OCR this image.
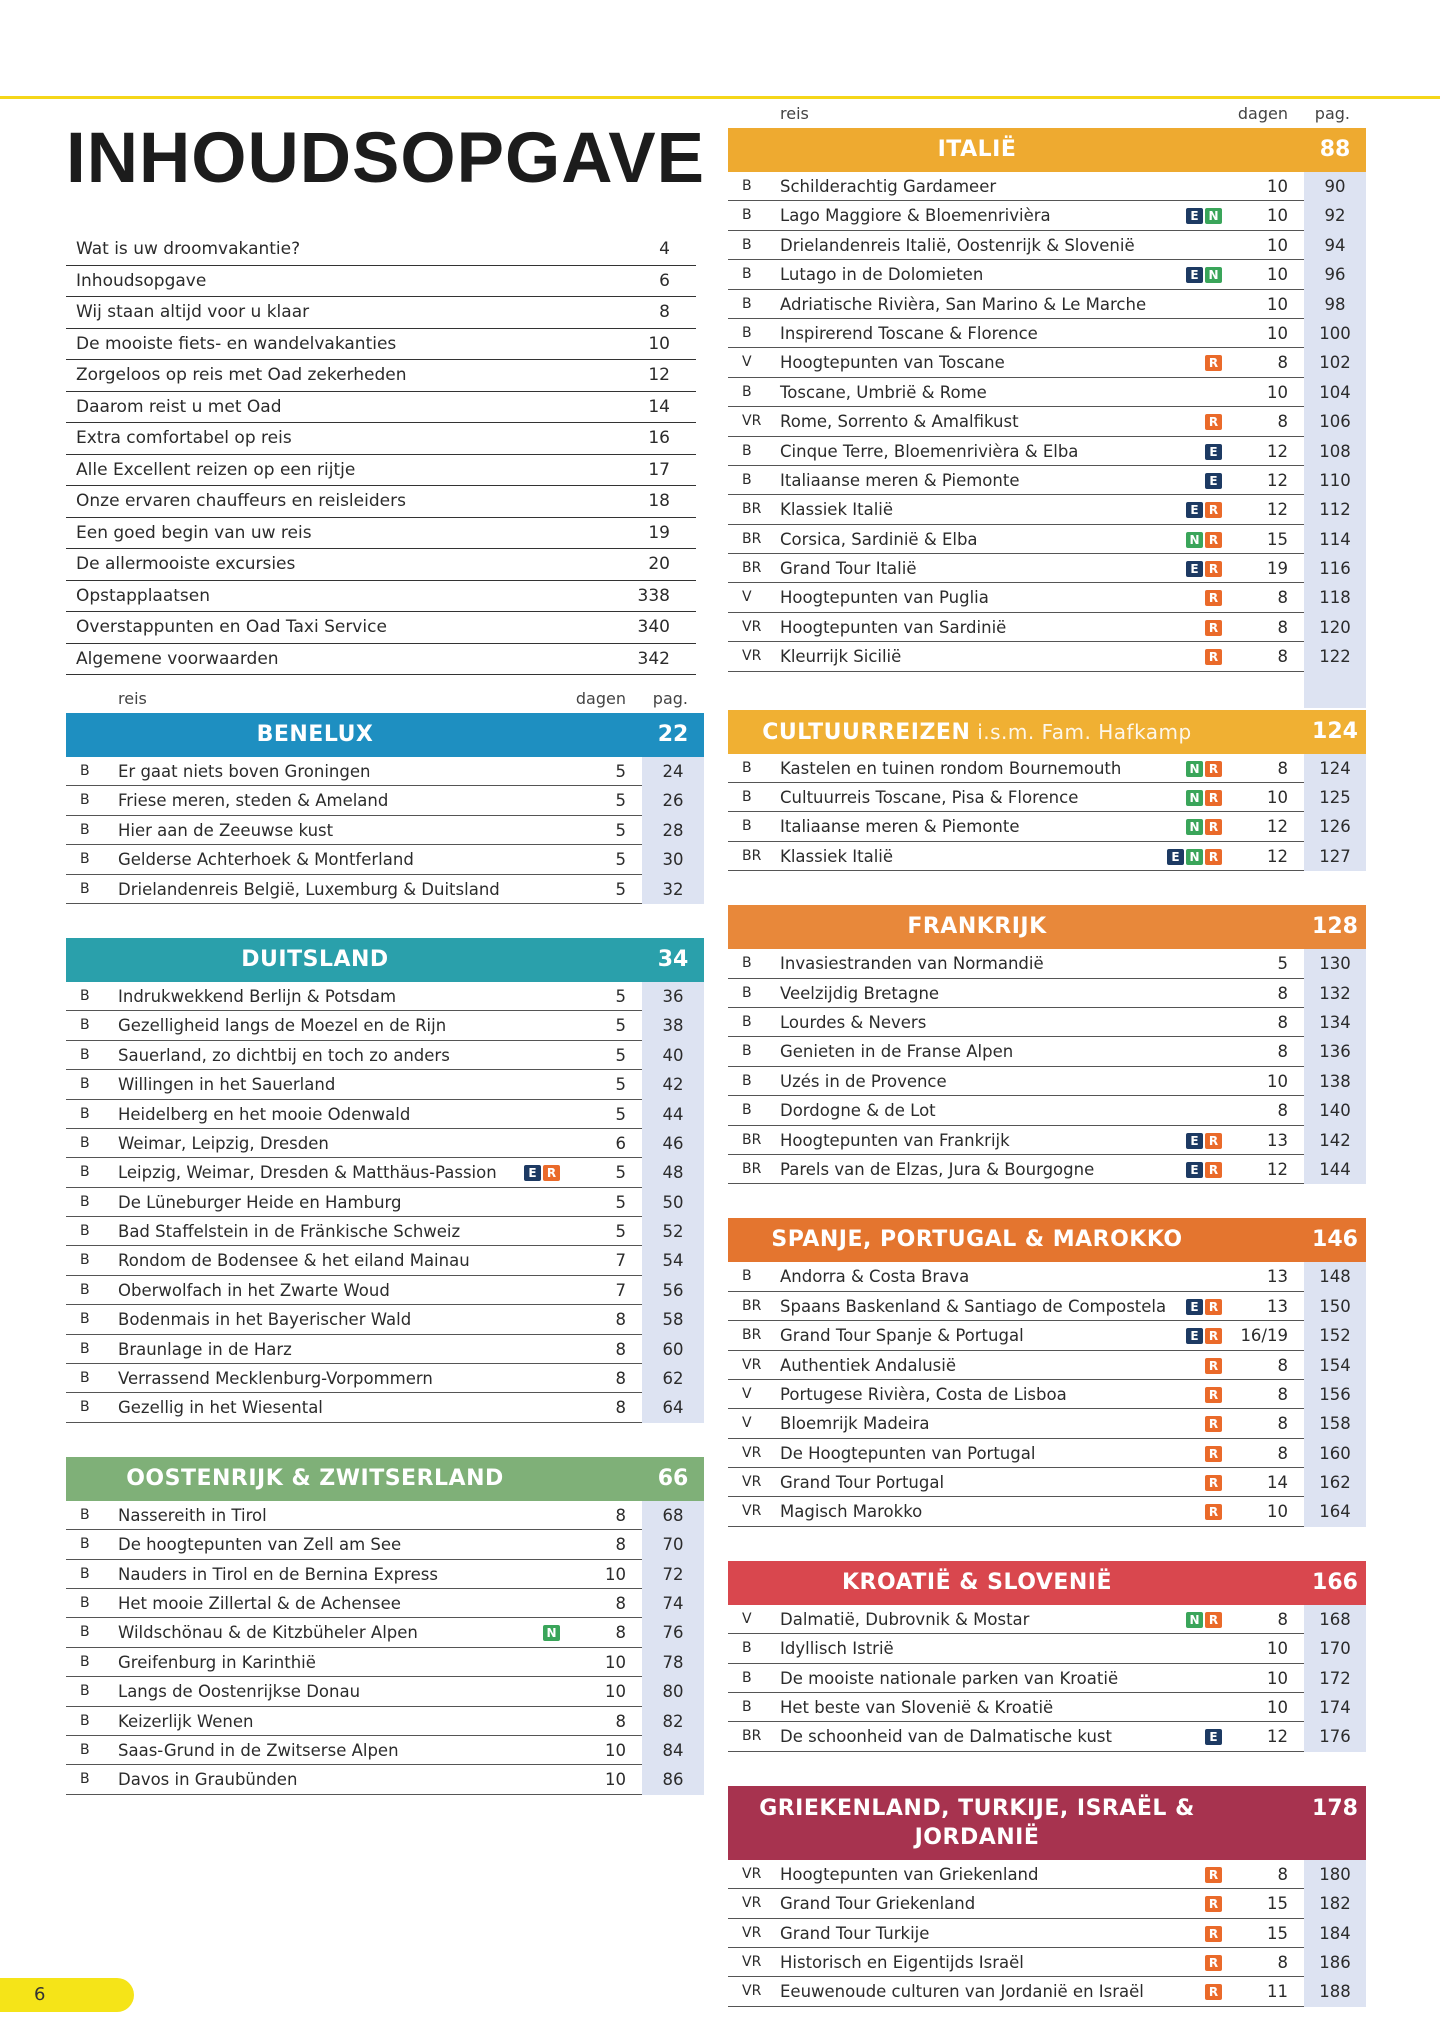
INHOUDSOPGAVE
Wat is uw droomvakantie?	4
Inhoudsopgave	6
Wij staan altijd voor u klaar	8
De mooiste fiets- en wandelvakanties	10
Zorgeloos op reis met Oad zekerheden	12
Daarom reist u met Oad	14
Extra comfortabel op reis	16
Alle Excellent reizen op een rijtje	17
Onze ervaren chauffeurs en reisleiders	18
Een goed begin van uw reis	19
De allermooiste excursies	20
Opstapplaatsen	338
Overstappunten en Oad Taxi Service	340
Algemene voorwaarden	342
reis	dagen pag.
BENELUX	22
B Er gaat niets boven Groningen	5	24
B Friese meren, steden & Ameland	5	26
B Hier aan de Zeeuwse kust	5	28
B Gelderse Achterhoek & Montferland	5	30
B Drielandenreis België, Luxemburg & Duitsland	5	32
DUITSLAND	34
B Indrukwekkend Berlijn & Potsdam	5	36
B Gezelligheid langs de Moezel en de Rijn	5	38
B Sauerland, zo dichtbij en toch zo anders	5	40
B Willingen in het Sauerland	5	42
B Heidelberg en het mooie Odenwald	5	44
B Weimar, Leipzig, Dresden	6	46
B Leipzig, Weimar, Dresden & Matthäus-Passion	E R	5	48
B De Lüneburger Heide en Hamburg	5	50
B Bad Staffelstein in de Fränkische Schweiz	5	52
B Rondom de Bodensee & het eiland Mainau	7	54
B Oberwolfach in het Zwarte Woud	7	56
B Bodenmais in het Bayerischer Wald	8	58
B Braunlage in de Harz	8	60
B Verrassend Mecklenburg-Vorpommern	8	62
B Gezellig in het Wiesental	8	64
OOSTENRIJK & ZWITSERLAND	66
B Nassereith in Tirol	8	68
B De hoogtepunten van Zell am See	8	70
B Nauders in Tirol en de Bernina Express	10	72
B Het mooie Zillertal & de Achensee	8	74
B Wildschönau & de Kitzbüheler Alpen	N	8	76
B Greifenburg in Karinthië	10	78
B Langs de Oostenrijkse Donau	10	80
B Keizerlijk Wenen	8	82
B Saas-Grund in de Zwitserse Alpen	10	84
B Davos in Graubünden	10	86
reis	dagen pag.
ITALIË	88
B Schilderachtig Gardameer	10	90
B Lago Maggiore & Bloemenrivièra	E N	10	92
B Drielandenreis Italië, Oostenrijk & Slovenië	10	94
B Lutago in de Dolomieten	E N	10	96
B Adriatische Rivièra, San Marino & Le Marche	10	98
B Inspirerend Toscane & Florence	10	100
V Hoogtepunten van Toscane	R	8	102
B Toscane, Umbrië & Rome	10	104
VR Rome, Sorrento & Amalfikust	R	8	106
B Cinque Terre, Bloemenrivièra & Elba	E	12	108
B Italiaanse meren & Piemonte	E	12	110
BR Klassiek Italië	E R	12	112
BR Corsica, Sardinië & Elba	N R	15	114
BR Grand Tour Italië	E R	19	116
V Hoogtepunten van Puglia	R	8	118
VR Hoogtepunten van Sardinië	R	8	120
VR Kleurrijk Sicilië	R	8	122
CULTUURREIZEN i.s.m. Fam. Hafkamp	124
B Kastelen en tuinen rondom Bournemouth	N R	8	124
B Cultuurreis Toscane, Pisa & Florence	N R	10	125
B Italiaanse meren & Piemonte	N R	12	126
BR Klassiek Italië	E N R	12	127
FRANKRIJK	128
B Invasiestranden van Normandië	5	130
B Veelzijdig Bretagne	8	132
B Lourdes & Nevers	8	134
B Genieten in de Franse Alpen	8	136
B Uzés in de Provence	10	138
B Dordogne & de Lot	8	140
BR Hoogtepunten van Frankrijk	E R	13	142
BR Parels van de Elzas, Jura & Bourgogne	E R	12	144
SPANJE, PORTUGAL & MAROKKO	146
B Andorra & Costa Brava	13	148
BR Spaans Baskenland & Santiago de Compostela	E R	13	150
BR Grand Tour Spanje & Portugal	E R	16/19	152
VR Authentiek Andalusië	R	8	154
V Portugese Rivièra, Costa de Lisboa	R	8	156
V Bloemrijk Madeira	R	8	158
VR De Hoogtepunten van Portugal	R	8	160
VR Grand Tour Portugal	R	14	162
VR Magisch Marokko	R	10	164
KROATIË & SLOVENIË	166
V Dalmatië, Dubrovnik & Mostar	N R	8	168
B Idyllisch Istrië	10	170
B De mooiste nationale parken van Kroatië	10	172
B Het beste van Slovenië & Kroatië	10	174
BR De schoonheid van de Dalmatische kust	E	12	176
GRIEKENLAND, TURKIJE, ISRAËL & JORDANIË
178
VR Hoogtepunten van Griekenland	R	8	180
VR Grand Tour Griekenland	R	15	182
VR Grand Tour Turkije	R	15	184
VR Historisch en Eigentijds Israël	R	8	186
VR Eeuwenoude culturen van Jordanië en Israël	R	11	188
6
